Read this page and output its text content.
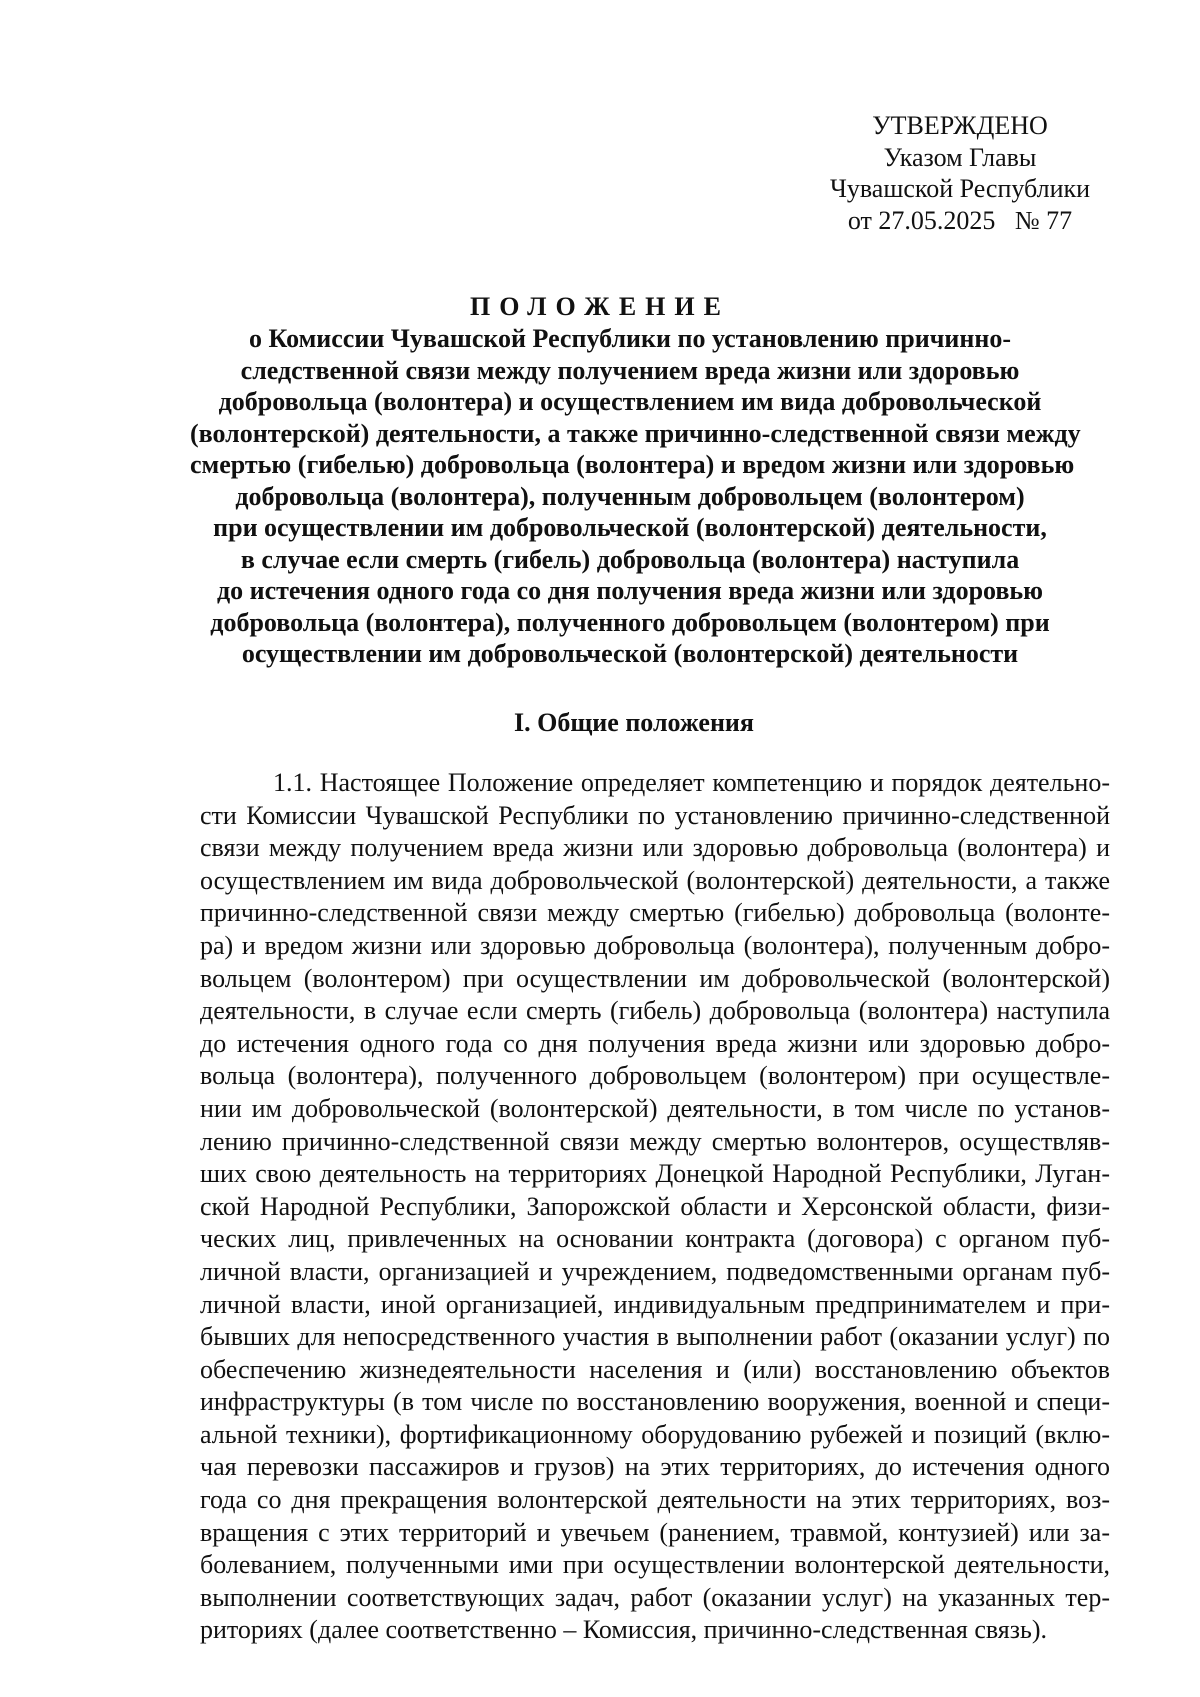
УТВЕРЖДЕНО
Указом Главы
Чувашской Республики
от 27.05.2025   № 77
ПОЛОЖЕНИЕ
о Комиссии Чувашской Республики по установлению причинно-
следственной связи между получением вреда жизни или здоровью
добровольца (волонтера) и осуществлением им вида добровольческой
(волонтерской) деятельности, а также причинно-следственной связи между
смертью (гибелью) добровольца (волонтера) и вредом жизни или здоровью
добровольца (волонтера), полученным добровольцем (волонтером)
при осуществлении им добровольческой (волонтерской) деятельности,
в случае если смерть (гибель) добровольца (волонтера) наступила
до истечения одного года со дня получения вреда жизни или здоровью
добровольца (волонтера), полученного добровольцем (волонтером) при
осуществлении им добровольческой (волонтерской) деятельности
I. Общие положения
1.1. Настоящее Положение определяет компетенцию и порядок деятельно-
сти Комиссии Чувашской Республики по установлению причинно-следственной
связи между получением вреда жизни или здоровью добровольца (волонтера) и
осуществлением им вида добровольческой (волонтерской) деятельности, а также
причинно-следственной связи между смертью (гибелью) добровольца (волонте-
ра) и вредом жизни или здоровью добровольца (волонтера), полученным добро-
вольцем (волонтером) при осуществлении им добровольческой (волонтерской)
деятельности, в случае если смерть (гибель) добровольца (волонтера) наступила
до истечения одного года со дня получения вреда жизни или здоровью добро-
вольца (волонтера), полученного добровольцем (волонтером) при осуществле-
нии им добровольческой (волонтерской) деятельности, в том числе по установ-
лению причинно-следственной связи между смертью волонтеров, осуществляв-
ших свою деятельность на территориях Донецкой Народной Республики, Луган-
ской Народной Республики, Запорожской области и Херсонской области, физи-
ческих лиц, привлеченных на основании контракта (договора) с органом пуб-
личной власти, организацией и учреждением, подведомственными органам пуб-
личной власти, иной организацией, индивидуальным предпринимателем и при-
бывших для непосредственного участия в выполнении работ (оказании услуг) по
обеспечению жизнедеятельности населения и (или) восстановлению объектов
инфраструктуры (в том числе по восстановлению вооружения, военной и специ-
альной техники), фортификационному оборудованию рубежей и позиций (вклю-
чая перевозки пассажиров и грузов) на этих территориях, до истечения одного
года со дня прекращения волонтерской деятельности на этих территориях, воз-
вращения с этих территорий и увечьем (ранением, травмой, контузией) или за-
болеванием, полученными ими при осуществлении волонтерской деятельности,
выполнении соответствующих задач, работ (оказании услуг) на указанных тер-
риториях (далее соответственно – Комиссия, причинно-следственная связь).
